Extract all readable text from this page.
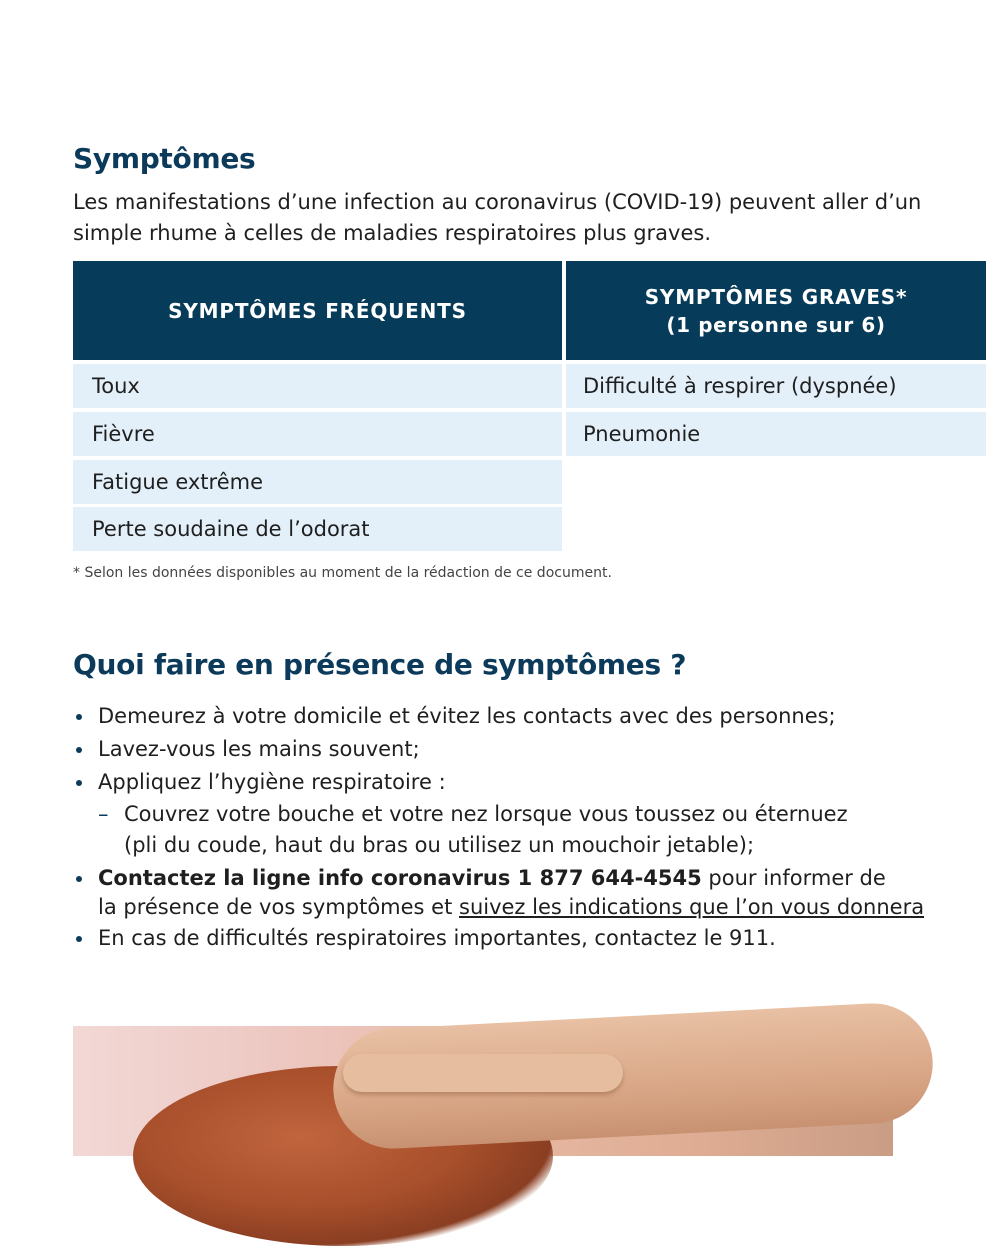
Symptômes

Les manifestations d’une infection au coronavirus (COVID-19) peuvent aller d’un
simple rhume à celles de maladies respiratoires plus graves.

SYMPTÔMES FRÉQUENTS
SYMPTÔMES GRAVES*
(1 personne sur 6)
Toux
Fièvre
Fatigue extrême
Perte soudaine de l’odorat
Difficulté à respirer (dyspnée)
Pneumonie

* Selon les données disponibles au moment de la rédaction de ce document.

Quoi faire en présence de symptômes ?
Demeurez à votre domicile et évitez les contacts avec des personnes;
Lavez-vous les mains souvent;
Appliquez l’hygiène respiratoire :
– Couvrez votre bouche et votre nez lorsque vous toussez ou éternuez
(pli du coude, haut du bras ou utilisez un mouchoir jetable);
Contactez la ligne info coronavirus 1 877 644-4545 pour informer de
la présence de vos symptômes et suivez les indications que l’on vous donnera
En cas de difficultés respiratoires importantes, contactez le 911.
